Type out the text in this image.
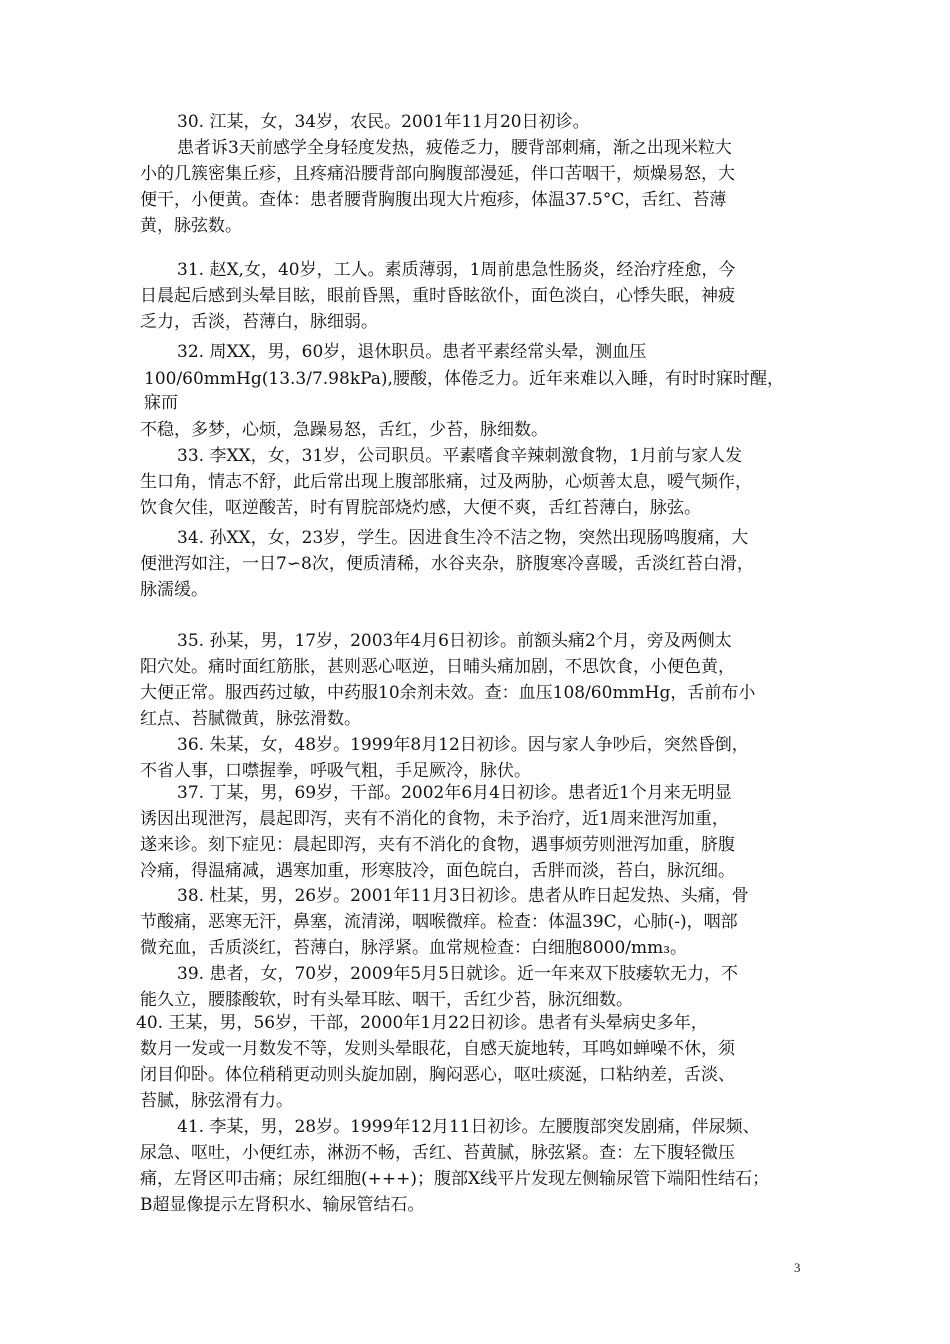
30. 江某，女，34岁，农民。2001年11月20日初诊。
患者诉3天前感学全身轻度发热，疲倦乏力，腰背部刺痛，渐之出现米粒大
小的几簇密集丘疹，且疼痛沿腰背部向胸腹部漫延，伴口苦咽干，烦燥易怒，大
便干，小便黄。查体：患者腰背胸腹出现大片疱疹，体温37.5°C，舌红、苔薄
黄，脉弦数。
31. 赵X,女，40岁，工人。素质薄弱，1周前患急性肠炎，经治疗痊愈，今
日晨起后感到头晕目眩，眼前昏黑，重时昏眩欲仆，面色淡白，心悸失眠，神疲
乏力，舌淡，苔薄白，脉细弱。
32. 周XX，男，60岁，退休职员。患者平素经常头晕，测血压
100/60mmHg(13.3/7.98kPa),腰酸，体倦乏力。近年来难以入睡，有时时寐时醒，
寐而
不稳，多梦，心烦，急躁易怒，舌红，少苔，脉细数。
33. 李XX，女，31岁，公司职员。平素嗜食辛辣刺激食物，1月前与家人发
生口角，情志不舒，此后常出现上腹部胀痛，过及两胁，心烦善太息，嗳气频作，
饮食欠佳，呕逆酸苦，时有胃脘部烧灼感，大便不爽，舌红苔薄白，脉弦。
34. 孙XX，女，23岁，学生。因进食生冷不洁之物，突然出现肠鸣腹痛，大
便泄泻如注，一日7∽8次，便质清稀，水谷夹杂，脐腹寒冷喜暖，舌淡红苔白滑，
脉濡缓。
35. 孙某，男，17岁，2003年4月6日初诊。前额头痛2个月，旁及两侧太
阳穴处。痛时面红筋胀，甚则恶心呕逆，日晡头痛加剧，不思饮食，小便色黄，
大便正常。服西药过敏，中药服10余剂未效。查：血压108/60mmHg，舌前布小
红点、苔腻微黄，脉弦滑数。
36. 朱某，女，48岁。1999年8月12日初诊。因与家人争吵后，突然昏倒，
不省人事，口噤握拳，呼吸气粗，手足厥冷，脉伏。
37. 丁某，男，69岁，干部。2002年6月4日初诊。患者近1个月来无明显
诱因出现泄泻，晨起即泻，夹有不消化的食物，未予治疗，近1周来泄泻加重，
遂来诊。刻下症见：晨起即泻，夹有不消化的食物，遇事烦劳则泄泻加重，脐腹
冷痛，得温痛减，遇寒加重，形寒肢冷，面色皖白，舌胖而淡，苔白，脉沉细。
38. 杜某，男，26岁。2001年11月3日初诊。患者从昨日起发热、头痛，骨
节酸痛，恶寒无汗，鼻塞，流清涕，咽喉微痒。检查：体温39C，心肺(-)，咽部
微充血，舌质淡红，苔薄白，脉浮紧。血常规检查：白细胞8000/mm₃。
39. 患者，女，70岁，2009年5月5日就诊。近一年来双下肢痿软无力，不
能久立，腰膝酸软，时有头晕耳眩、咽干，舌红少苔，脉沉细数。
40. 王某，男，56岁，干部，2000年1月22日初诊。患者有头晕病史多年，
数月一发或一月数发不等，发则头晕眼花，自感天旋地转，耳鸣如蝉噪不休，须
闭目仰卧。体位稍稍更动则头旋加剧，胸闷恶心，呕吐痰涎，口粘纳差，舌淡、
苔腻，脉弦滑有力。
41. 李某，男，28岁。1999年12月11日初诊。左腰腹部突发剧痛，伴尿频、
尿急、呕吐，小便红赤，淋沥不畅，舌红、苔黄腻，脉弦紧。查：左下腹轻微压
痛，左肾区叩击痛；尿红细胞(+++)；腹部X线平片发现左侧输尿管下端阳性结石；
B超显像提示左肾积水、输尿管结石。
3
